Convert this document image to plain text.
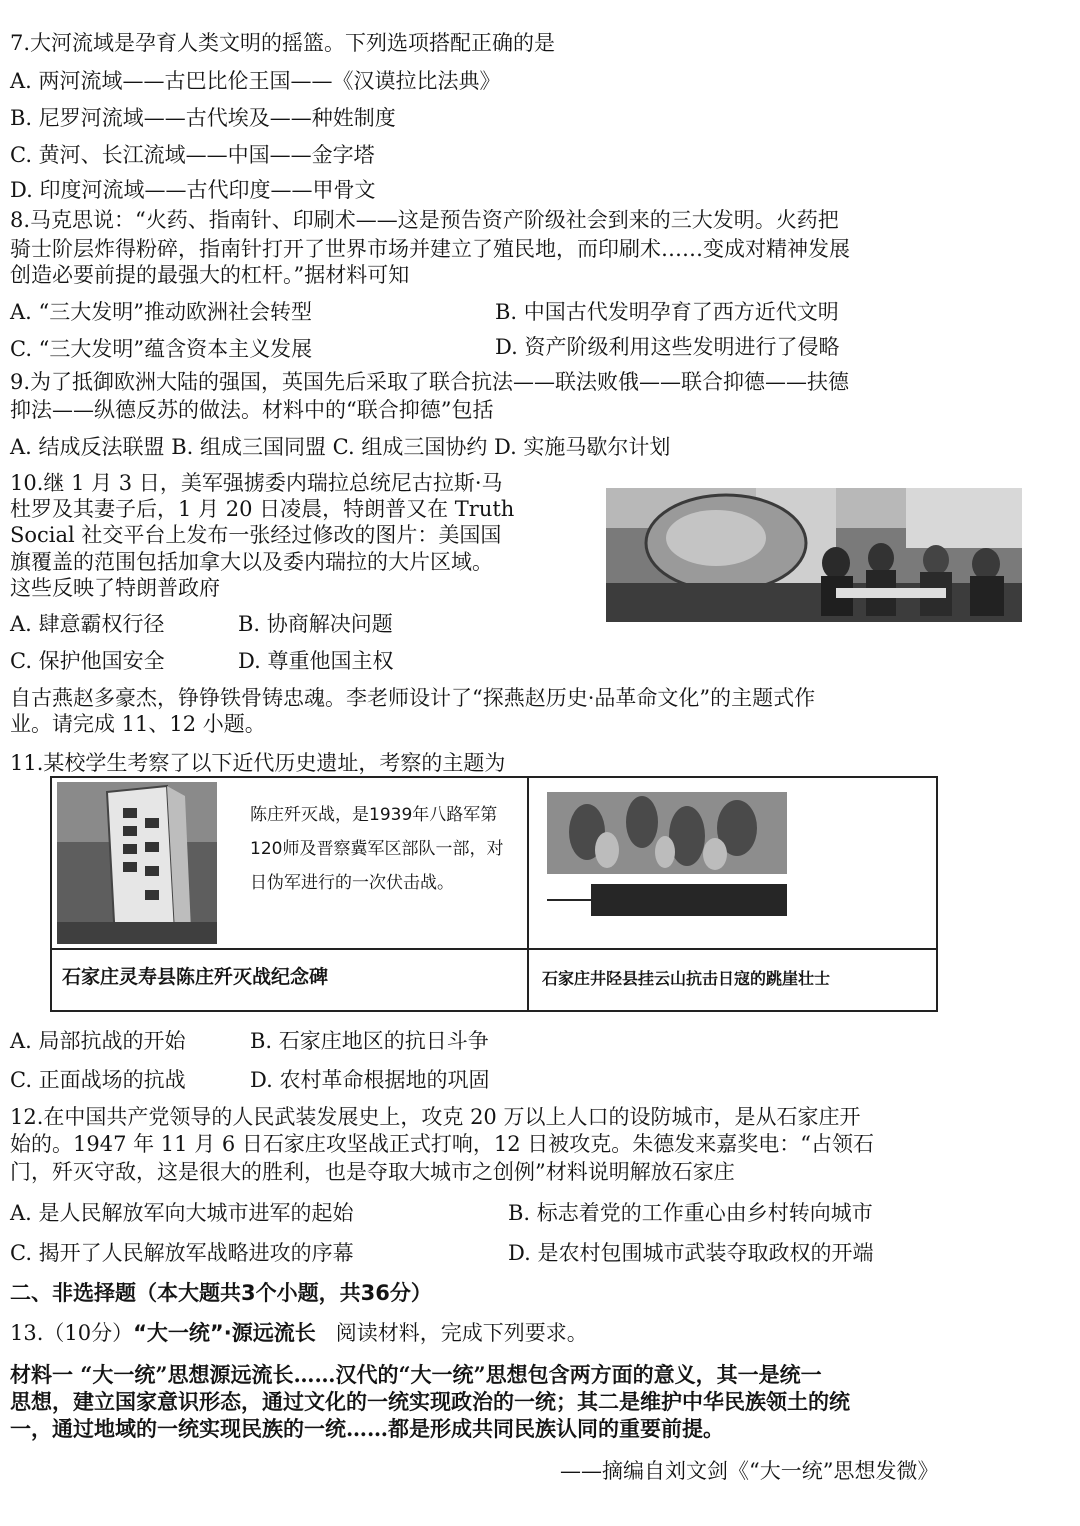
7.大河流域是孕育人类文明的摇篮。下列选项搭配正确的是
A. 两河流域——古巴比伦王国——《汉谟拉比法典》
B. 尼罗河流域——古代埃及——种姓制度
C. 黄河、长江流域——中国——金字塔
D. 印度河流域——古代印度——甲骨文
8.马克思说：“火药、指南针、印刷术——这是预告资产阶级社会到来的三大发明。火药把
骑士阶层炸得粉碎，指南针打开了世界市场并建立了殖民地，而印刷术……变成对精神发展
创造必要前提的最强大的杠杆。”据材料可知
A. “三大发明”推动欧洲社会转型	B. 中国古代发明孕育了西方近代文明
C. “三大发明”蕴含资本主义发展	D. 资产阶级利用这些发明进行了侵略
9.为了抵御欧洲大陆的强国，英国先后采取了联合抗法——联法败俄——联合抑德——扶德
抑法——纵德反苏的做法。材料中的“联合抑德”包括
A. 结成反法联盟 B. 组成三国同盟 C. 组成三国协约 D. 实施马歇尔计划
10.继 1 月 3 日，美军强掳委内瑞拉总统尼古拉斯·马
杜罗及其妻子后，1 月 20 日凌晨，特朗普又在 Truth
Social 社交平台上发布一张经过修改的图片：美国国
旗覆盖的范围包括加拿大以及委内瑞拉的大片区域。
这些反映了特朗普政府
A. 肆意霸权行径	B. 协商解决问题
C. 保护他国安全	D. 尊重他国主权
自古燕赵多豪杰，铮铮铁骨铸忠魂。李老师设计了“探燕赵历史·品革命文化”的主题式作
业。请完成 11、12 小题。
11.某校学生考察了以下近代历史遗址，考察的主题为
陈庄歼灭战，是1939年八路军第120师及晋察冀军区部队一部，对日伪军进行的一次伏击战。
石家庄灵寿县陈庄歼灭战纪念碑	石家庄井陉县挂云山抗击日寇的跳崖壮士
A. 局部抗战的开始	B. 石家庄地区的抗日斗争
C. 正面战场的抗战	D. 农村革命根据地的巩固
12.在中国共产党领导的人民武装发展史上，攻克 20 万以上人口的设防城市，是从石家庄开
始的。1947 年 11 月 6 日石家庄攻坚战正式打响，12 日被攻克。朱德发来嘉奖电：“占领石
门，歼灭守敌，这是很大的胜利，也是夺取大城市之创例”材料说明解放石家庄
A. 是人民解放军向大城市进军的起始	B. 标志着党的工作重心由乡村转向城市
C. 揭开了人民解放军战略进攻的序幕	D. 是农村包围城市武装夺取政权的开端
二、非选择题（本大题共3个小题，共36分）
13.（10分）“大一统”·源远流长 阅读材料，完成下列要求。
材料一 “大一统”思想源远流长……汉代的“大一统”思想包含两方面的意义，其一是统一
思想，建立国家意识形态，通过文化的一统实现政治的一统；其二是维护中华民族领土的统
一，通过地域的一统实现民族的一统……都是形成共同民族认同的重要前提。
——摘编自刘文剑《“大一统”思想发微》
